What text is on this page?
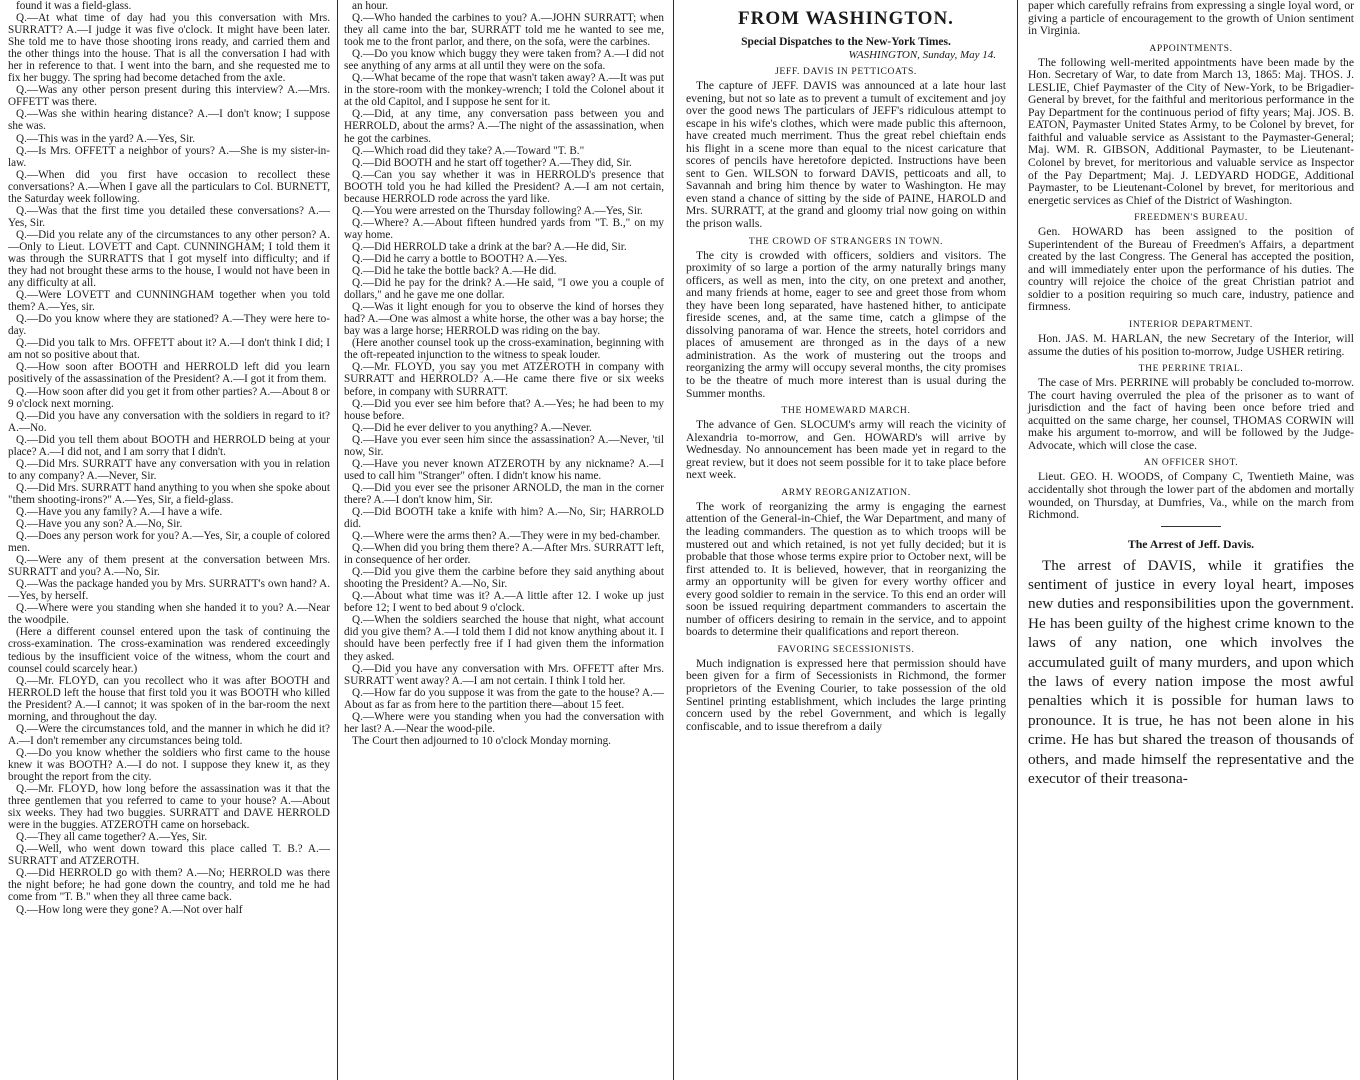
found it was a field-glass.

Q.—At what time of day had you this conversation with Mrs. SURRATT? A.—I judge it was five o'clock. It might have been later. She told me to have those shooting irons ready, and carried them and the other things into the house. That is all the conversation I had with her in reference to that. I went into the barn, and she requested me to fix her buggy. The spring had become detached from the axle.

Q.—Was any other person present during this interview? A.—Mrs. OFFETT was there.

Q.—Was she within hearing distance? A.—I don't know; I suppose she was.

Q.—This was in the yard? A.—Yes, Sir.

Q.—Is Mrs. OFFETT a neighbor of yours? A.—She is my sister-in-law.

Q.—When did you first have occasion to recollect these conversations? A.—When I gave all the particulars to Col. BURNETT, the Saturday week following.

Q.—Was that the first time you detailed these conversations? A.—Yes, Sir.

Q.—Did you relate any of the circumstances to any other person? A.—Only to Lieut. LOVETT and Capt. CUNNINGHAM; I told them it was through the SURRATTS that I got myself into difficulty; and if they had not brought these arms to the house, I would not have been in any difficulty at all.

Q.—Were LOVETT and CUNNINGHAM together when you told them? A.—Yes, sir.

Q.—Do you know where they are stationed? A.—They were here to-day.

Q.—Did you talk to Mrs. OFFETT about it? A.—I don't think I did; I am not so positive about that.

Q.—How soon after BOOTH and HERROLD left did you learn positively of the assassination of the President? A.—I got it from them.

Q.—How soon after did you get it from other parties? A.—About 8 or 9 o'clock next morning.

Q.—Did you have any conversation with the soldiers in regard to it? A.—No.

Q.—Did you tell them about BOOTH and HERROLD being at your place? A.—I did not, and I am sorry that I didn't.

Q.—Did Mrs. SURRATT have any conversation with you in relation to any company? A.—Never, Sir.

Q.—Did Mrs. SURRATT hand anything to you when she spoke about "them shooting-irons?" A.—Yes, Sir, a field-glass.

Q.—Have you any family? A.—I have a wife.

Q.—Have you any son? A.—No, Sir.

Q.—Does any person work for you? A.—Yes, Sir, a couple of colored men.

Q.—Were any of them present at the conversation between Mrs. SURRATT and you? A.—No, Sir.

Q.—Was the package handed you by Mrs. SURRATT's own hand? A.—Yes, by herself.

Q.—Where were you standing when she handed it to you? A.—Near the woodpile.

(Here a different counsel entered upon the task of continuing the cross-examination. The cross-examination was rendered exceedingly tedious by the insufficient voice of the witness, whom the court and counsel could scarcely hear.)

Q.—Mr. FLOYD, can you recollect who it was after BOOTH and HERROLD left the house that first told you it was BOOTH who killed the President? A.—I cannot; it was spoken of in the bar-room the next morning, and throughout the day.

Q.—Were the circumstances told, and the manner in which he did it? A.—I don't remember any circumstances being told.

Q.—Do you know whether the soldiers who first came to the house knew it was BOOTH? A.—I do not. I suppose they knew it, as they brought the report from the city.

Q.—Mr. FLOYD, how long before the assassination was it that the three gentlemen that you referred to came to your house? A.—About six weeks. They had two buggies. SURRATT and DAVE HERROLD were in the buggies. ATZEROTH came on horseback.

Q.—They all came together? A.—Yes, Sir.

Q.—Well, who went down toward this place called T. B.? A.—SURRATT and ATZEROTH.

Q.—Did HERROLD go with them? A.—No; HERROLD was there the night before; he had gone down the country, and told me he had come from "T. B." when they all three came back.

Q.—How long were they gone? A.—Not over half

an hour.

Q.—Who handed the carbines to you? A.—JOHN SURRATT; when they all came into the bar, SURRATT told me he wanted to see me, took me to the front parlor, and there, on the sofa, were the carbines.

Q.—Do you know which buggy they were taken from? A.—I did not see anything of any arms at all until they were on the sofa.

Q.—What became of the rope that wasn't taken away? A.—It was put in the store-room with the monkey-wrench; I told the Colonel about it at the old Capitol, and I suppose he sent for it.

Q.—Did, at any time, any conversation pass between you and HERROLD, about the arms? A.—The night of the assassination, when he got the carbines.

Q.—Which road did they take? A.—Toward "T. B."

Q.—Did BOOTH and he start off together? A.—They did, Sir.

Q.—Can you say whether it was in HERROLD's presence that BOOTH told you he had killed the President? A.—I am not certain, because HERROLD rode across the yard like.

Q.—You were arrested on the Thursday following? A.—Yes, Sir.

Q.—Where? A.—About fifteen hundred yards from "T. B.," on my way home.

Q.—Did HERROLD take a drink at the bar? A.—He did, Sir.

Q.—Did he carry a bottle to BOOTH? A.—Yes.

Q.—Did he take the bottle back? A.—He did.

Q.—Did he pay for the drink? A.—He said, "I owe you a couple of dollars," and he gave me one dollar.

Q.—Was it light enough for you to observe the kind of horses they had? A.—One was almost a white horse, the other was a bay horse; the bay was a large horse; HERROLD was riding on the bay.

(Here another counsel took up the cross-examination, beginning with the oft-repeated injunction to the witness to speak louder.

Q.—Mr. FLOYD, you say you met ATZEROTH in company with SURRATT and HERROLD? A.—He came there five or six weeks before, in company with SURRATT.

Q.—Did you ever see him before that? A.—Yes; he had been to my house before.

Q.—Did he ever deliver to you anything? A.—Never.

Q.—Have you ever seen him since the assassination? A.—Never, 'til now, Sir.

Q.—Have you never known ATZEROTH by any nickname? A.—I used to call him "Stranger" often. I didn't know his name.

Q.—Did you ever see the prisoner ARNOLD, the man in the corner there? A.—I don't know him, Sir.

Q.—Did BOOTH take a knife with him? A.—No, Sir; HARROLD did.

Q.—Where were the arms then? A.—They were in my bed-chamber.

Q.—When did you bring them there? A.—After Mrs. SURRATT left, in consequence of her order.

Q.—Did you give them the carbine before they said anything about shooting the President? A.—No, Sir.

Q.—About what time was it? A.—A little after 12. I woke up just before 12; I went to bed about 9 o'clock.

Q.—When the soldiers searched the house that night, what account did you give them? A.—I told them I did not know anything about it. I should have been perfectly free if I had given them the information they asked.

Q.—Did you have any conversation with Mrs. OFFETT after Mrs. SURRATT went away? A.—I am not certain. I think I told her.

Q.—How far do you suppose it was from the gate to the house? A.—About as far as from here to the partition there—about 15 feet.

Q.—Where were you standing when you had the conversation with her last? A.—Near the wood-pile.

The Court then adjourned to 10 o'clock Monday morning.

FROM WASHINGTON.
Special Dispatches to the New-York Times.
WASHINGTON, Sunday, May 14.
JEFF. DAVIS IN PETTICOATS.

The capture of JEFF. DAVIS was announced at a late hour last evening, but not so late as to prevent a tumult of excitement and joy over the good news The particulars of JEFF's ridiculous attempt to escape in his wife's clothes, which were made public this afternoon, have created much merriment. Thus the great rebel chieftain ends his flight in a scene more than equal to the nicest caricature that scores of pencils have heretofore depicted. Instructions have been sent to Gen. WILSON to forward DAVIS, petticoats and all, to Savannah and bring him thence by water to Washington. He may even stand a chance of sitting by the side of PAINE, HAROLD and Mrs. SURRATT, at the grand and gloomy trial now going on within the prison walls.

THE CROWD OF STRANGERS IN TOWN.

The city is crowded with officers, soldiers and visitors. The proximity of so large a portion of the army naturally brings many officers, as well as men, into the city, on one pretext and another, and many friends at home, eager to see and greet those from whom they have been long separated, have hastened hither, to anticipate fireside scenes, and, at the same time, catch a glimpse of the dissolving panorama of war. Hence the streets, hotel corridors and places of amusement are thronged as in the days of a new administration. As the work of mustering out the troops and reorganizing the army will occupy several months, the city promises to be the theatre of much more interest than is usual during the Summer months.

THE HOMEWARD MARCH.

The advance of Gen. SLOCUM's army will reach the vicinity of Alexandria to-morrow, and Gen. HOWARD's will arrive by Wednesday. No announcement has been made yet in regard to the great review, but it does not seem possible for it to take place before next week.

ARMY REORGANIZATION.

The work of reorganizing the army is engaging the earnest attention of the General-in-Chief, the War Department, and many of the leading commanders. The question as to which troops will be mustered out and which retained, is not yet fully decided; but it is probable that those whose terms expire prior to October next, will be first attended to. It is believed, however, that in reorganizing the army an opportunity will be given for every worthy officer and every good soldier to remain in the service. To this end an order will soon be issued requiring department commanders to ascertain the number of officers desiring to remain in the service, and to appoint boards to determine their qualifications and report thereon.

FAVORING SECESSIONISTS.

Much indignation is expressed here that permission should have been given for a firm of Secessionists in Richmond, the former proprietors of the Evening Courier, to take possession of the old Sentinel printing establishment, which includes the large printing concern used by the rebel Government, and which is legally confiscable, and to issue therefrom a daily

paper which carefully refrains from expressing a single loyal word, or giving a particle of encouragement to the growth of Union sentiment in Virginia.

APPOINTMENTS.

The following well-merited appointments have been made by the Hon. Secretary of War, to date from March 13, 1865: Maj. THOS. J. LESLIE, Chief Paymaster of the City of New-York, to be Brigadier-General by brevet, for the faithful and meritorious performance in the Pay Department for the continuous period of fifty years; Maj. JOS. B. EATON, Paymaster United States Army, to be Colonel by brevet, for faithful and valuable service as Assistant to the Paymaster-General; Maj. WM. R. GIBSON, Additional Paymaster, to be Lieutenant-Colonel by brevet, for meritorious and valuable service as Inspector of the Pay Department; Maj. J. LEDYARD HODGE, Additional Paymaster, to be Lieutenant-Colonel by brevet, for meritorious and energetic services as Chief of the District of Washington.

FREEDMEN'S BUREAU.

Gen. HOWARD has been assigned to the position of Superintendent of the Bureau of Freedmen's Affairs, a department created by the last Congress. The General has accepted the position, and will immediately enter upon the performance of his duties. The country will rejoice the choice of the great Christian patriot and soldier to a position requiring so much care, industry, patience and firmness.

INTERIOR DEPARTMENT.

Hon. JAS. M. HARLAN, the new Secretary of the Interior, will assume the duties of his position to-morrow, Judge USHER retiring.

THE PERRINE TRIAL.

The case of Mrs. PERRINE will probably be concluded to-morrow. The court having overruled the plea of the prisoner as to want of jurisdiction and the fact of having been once before tried and acquitted on the same charge, her counsel, THOMAS CORWIN will make his argument to-morrow, and will be followed by the Judge-Advocate, which will close the case.

AN OFFICER SHOT.

Lieut. GEO. H. WOODS, of Company C, Twentieth Maine, was accidentally shot through the lower part of the abdomen and mortally wounded, on Thursday, at Dumfries, Va., while on the march from Richmond.

The Arrest of Jeff. Davis.

The arrest of DAVIS, while it gratifies the sentiment of justice in every loyal heart, imposes new duties and responsibilities upon the government. He has been guilty of the highest crime known to the laws of any nation, one which involves the accumulated guilt of many murders, and upon which the laws of every nation impose the most awful penalties which it is possible for human laws to pronounce. It is true, he has not been alone in his crime. He has but shared the treason of thousands of others, and made himself the representative and the executor of their treasona-
